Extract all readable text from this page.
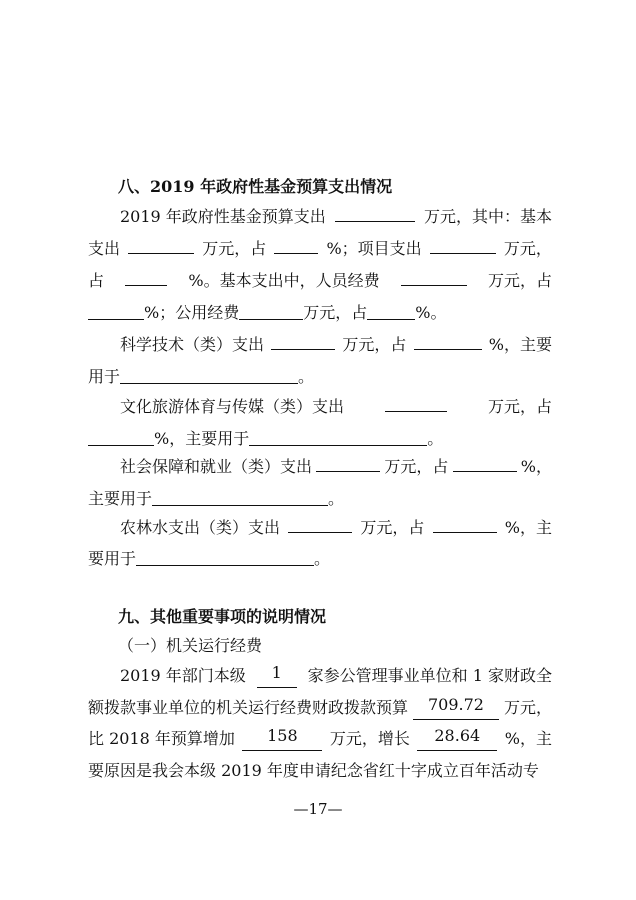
八、2019 年政府性基金预算支出情况
2019 年政府性基金预算支出	万元，其中：基本
支出	万元，占	%；项目支出	万元，
占	%。基本支出中，人员经费	万元，占
%；公用经费	万元，占	%。
科学技术（类）支出	万元，占	%，主要
用于	。
文化旅游体育与传媒（类）支出	万元，占
%，主要用于	。
社会保障和就业（类）支出	万元，占	%，
主要用于	。
农林水支出（类）支出	万元，占	%，主
要用于	。
九、其他重要事项的说明情况
（一）机关运行经费
2019 年部门本级	1	家参公管理事业单位和 1 家财政全
额拨款事业单位的机关运行经费财政拨款预算	709.72	万元，
比 2018 年预算增加	158	万元，增长	28.64	%，主
要原因是我会本级 2019 年度申请纪念省红十字成立百年活动专
—17—
